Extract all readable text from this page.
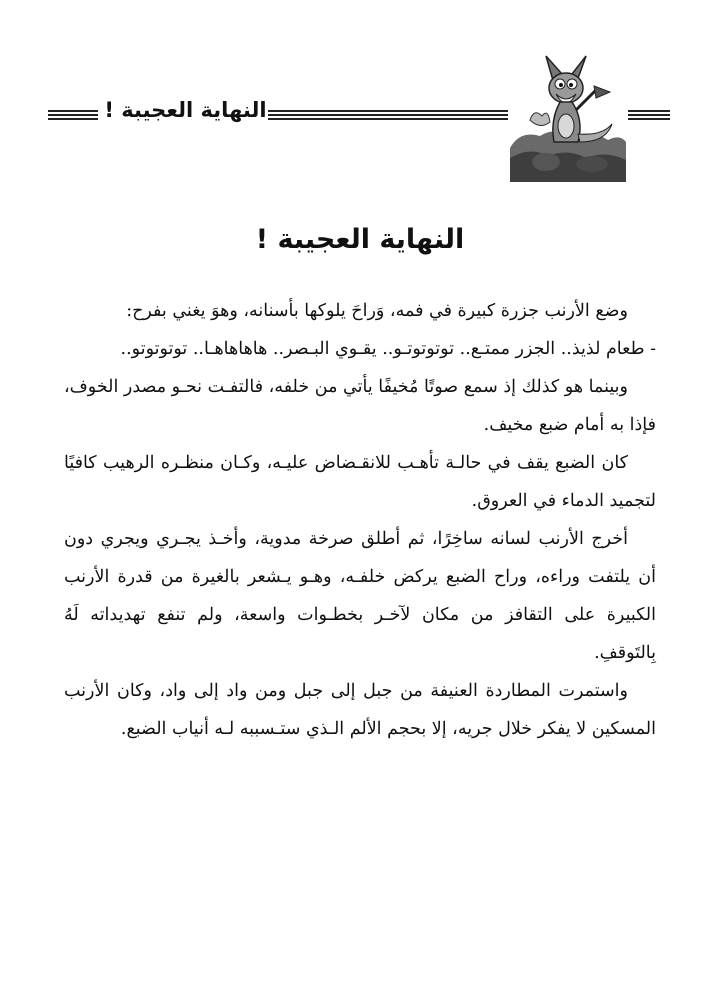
النهاية العجيبة !
النهاية العجيبة !

وضع الأرنب جزرة كبيرة في فمه، وَراحَ يلوكها بأسنانه، وهوَ يغني بفرح:

- طعام لذيذ.. الجزر ممتـع.. توتوتوتـو.. يقـوي البـصر.. هاهاهاهـا.. توتوتوتو..

وبينما هو كذلك إذ سمع صوتًا مُخيفًا يأتي من خلفه، فالتفـت نحـو مصدر الخوف، فإذا به أمام ضبع مخيف.

كان الضبع يقف في حالـة تأهـب للانقـضاض عليـه، وكـان منظـره الرهيب كافيًا لتجميد الدماء في العروق.

أخرج الأرنب لسانه ساخِرًا، ثم أطلق صرخة مدوية، وأخـذ يجـري ويجري دون أن يلتفت وراءه، وراح الضبع يركض خلفـه، وهـو يـشعر بالغيرة من قدرة الأرنب الكبيرة على التقافز من مكان لآخـر بخطـوات واسعة، ولم تنفع تهديداته لَهُ بِالتَوقفِ.

واستمرت المطاردة العنيفة من جبل إلى جبل ومن واد إلى واد، وكان الأرنب المسكين لا يفكر خلال جريه، إلا بحجم الألم الـذي ستـسببه لـه أنياب الضبع.
